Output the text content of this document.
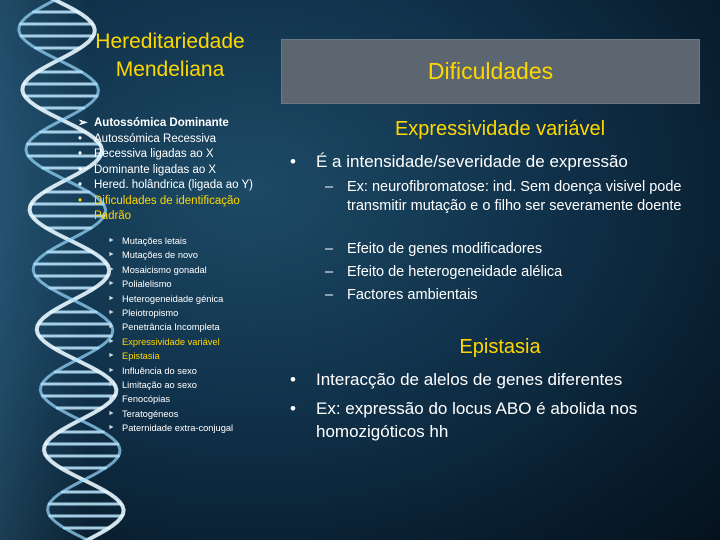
Hereditariedade
Mendeliana
➢ Autossómica Dominante
•	Autossómica Recessiva
•	Recessiva ligadas ao X
•	Dominante ligadas ao X
•	Hered. holândrica (ligada ao Y)
•	Dificuldades de identificação Padrão
► Mutações letais
► Mutações de novo
► Mosaicismo gonadal
► Polialelismo
► Heterogeneidade génica
► Pleiotropismo
► Penetrância Incompleta
► Expressividade variável
► Epistasia
► Influência do sexo
► Limitação ao sexo
► Fenocópias
► Teratogéneos
► Paternidade extra-conjugal
Dificuldades
Expressividade variável
• É a intensidade/severidade de expressão
– Ex: neurofibromatose: ind. Sem doença visivel pode transmitir mutação e o filho ser severamente doente
– Efeito de genes modificadores
– Efeito de heterogeneidade alélica
– Factores ambientais
Epistasia
• Interacção de alelos de genes diferentes
• Ex: expressão do locus ABO é abolida nos homozigóticos hh
